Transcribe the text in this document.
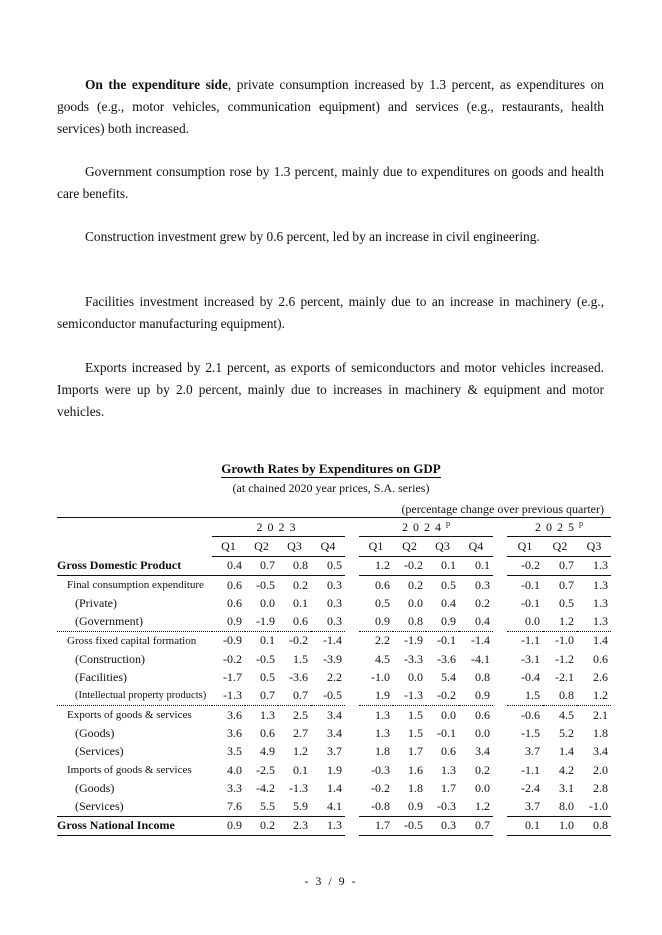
On the expenditure side, private consumption increased by 1.3 percent, as expenditures on goods (e.g., motor vehicles, communication equipment) and services (e.g., restaurants, health services) both increased.

Government consumption rose by 1.3 percent, mainly due to expenditures on goods and health care benefits.

Construction investment grew by 0.6 percent, led by an increase in civil engineering.

Facilities investment increased by 2.6 percent, mainly due to an increase in machinery (e.g., semiconductor manufacturing equipment).

Exports increased by 2.1 percent, as exports of semiconductors and motor vehicles increased. Imports were up by 2.0 percent, mainly due to increases in machinery & equipment and motor vehicles.

Growth Rates by Expenditures on GDP
(at chained 2020 year prices, S.A. series)
(percentage change over previous quarter)
	2023					2024$^p$					2025$^p$
	Q1	Q2	Q3	Q4		Q1	Q2	Q3	Q4		Q1	Q2	Q3
Gross Domestic Product	0.4	0.7	0.8	0.5		1.2	-0.2	0.1	0.1		-0.2	0.7	1.3
Final consumption expenditure	0.6	-0.5	0.2	0.3		0.6	0.2	0.5	0.3		-0.1	0.7	1.3
(Private)	0.6	0.0	0.1	0.3		0.5	0.0	0.4	0.2		-0.1	0.5	1.3
(Government)	0.9	-1.9	0.6	0.3		0.9	0.8	0.9	0.4		0.0	1.2	1.3
Gross fixed capital formation	-0.9	0.1	-0.2	-1.4		2.2	-1.9	-0.1	-1.4		-1.1	-1.0	1.4
(Construction)	-0.2	-0.5	1.5	-3.9		4.5	-3.3	-3.6	-4.1		-3.1	-1.2	0.6
(Facilities)	-1.7	0.5	-3.6	2.2		-1.0	0.0	5.4	0.8		-0.4	-2.1	2.6
(Intellectual property products)	-1.3	0.7	0.7	-0.5		1.9	-1.3	-0.2	0.9		1.5	0.8	1.2
Exports of goods & services	3.6	1.3	2.5	3.4		1.3	1.5	0.0	0.6		-0.6	4.5	2.1
(Goods)	3.6	0.6	2.7	3.4		1.3	1.5	-0.1	0.0		-1.5	5.2	1.8
(Services)	3.5	4.9	1.2	3.7		1.8	1.7	0.6	3.4		3.7	1.4	3.4
Imports of goods & services	4.0	-2.5	0.1	1.9		-0.3	1.6	1.3	0.2		-1.1	4.2	2.0
(Goods)	3.3	-4.2	-1.3	1.4		-0.2	1.8	1.7	0.0		-2.4	3.1	2.8
(Services)	7.6	5.5	5.9	4.1		-0.8	0.9	-0.3	1.2		3.7	8.0	-1.0
Gross National Income	0.9	0.2	2.3	1.3		1.7	-0.5	0.3	0.7		0.1	1.0	0.8
- 3 / 9 -
